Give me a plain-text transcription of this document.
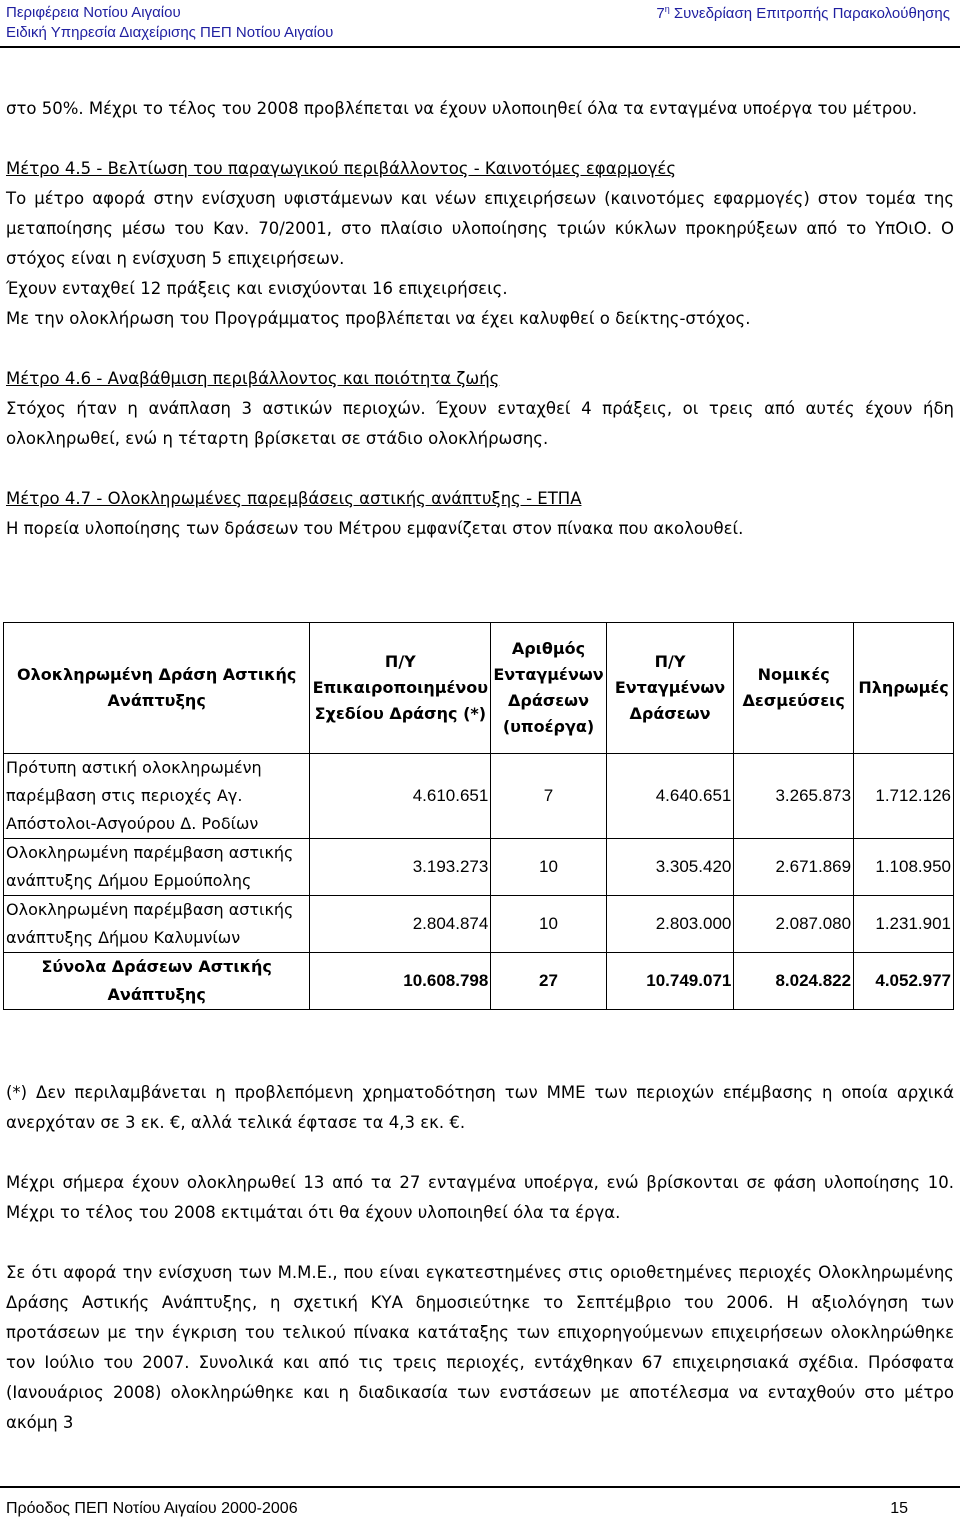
Περιφέρεια Νοτίου Αιγαίου
Ειδική Υπηρεσία Διαχείρισης ΠΕΠ Νοτίου Αιγαίου
$7^\eta$ Συνεδρίαση Επιτροπής Παρακολούθησης

στο 50%. Μέχρι το τέλος του 2008 προβλέπεται να έχουν υλοποιηθεί όλα τα ενταγμένα υποέργα του μέτρου.

Μέτρο 4.5 - Βελτίωση του παραγωγικού περιβάλλοντος - Καινοτόμες εφαρμογές

Το μέτρο αφορά στην ενίσχυση υφιστάμενων και νέων επιχειρήσεων (καινοτόμες εφαρμογές) στον τομέα της μεταποίησης μέσω του Καν. 70/2001, στο πλαίσιο υλοποίησης τριών κύκλων προκηρύξεων από το ΥπΟιΟ. Ο στόχος είναι η ενίσχυση 5 επιχειρήσεων.

Έχουν ενταχθεί 12 πράξεις και ενισχύονται 16 επιχειρήσεις.

Με την ολοκλήρωση του Προγράμματος προβλέπεται να έχει καλυφθεί ο δείκτης-στόχος.

Μέτρο 4.6 - Αναβάθμιση περιβάλλοντος και ποιότητα ζωής

Στόχος ήταν η ανάπλαση 3 αστικών περιοχών. Έχουν ενταχθεί 4 πράξεις, οι τρεις από αυτές έχουν ήδη ολοκληρωθεί, ενώ η τέταρτη βρίσκεται σε στάδιο ολοκλήρωσης.

Μέτρο 4.7 - Ολοκληρωμένες παρεμβάσεις αστικής ανάπτυξης - ΕΤΠΑ

Η πορεία υλοποίησης των δράσεων του Μέτρου εμφανίζεται στον πίνακα που ακολουθεί.

Ολοκληρωμένη Δράση Αστικής Ανάπτυξης	Π/Υ Επικαιροποιημένου Σχεδίου Δράσης (*)	Αριθμός Ενταγμένων Δράσεων (υποέργα)	Π/Υ Ενταγμένων Δράσεων	Νομικές Δεσμεύσεις	Πληρωμές
Πρότυπη αστική ολοκληρωμένη παρέμβαση στις περιοχές Αγ. Απόστολοι-Ασγούρου Δ. Ροδίων	4.610.651	7	4.640.651	3.265.873	1.712.126
Ολοκληρωμένη παρέμβαση αστικής ανάπτυξης Δήμου Ερμούπολης	3.193.273	10	3.305.420	2.671.869	1.108.950
Ολοκληρωμένη παρέμβαση αστικής ανάπτυξης Δήμου Καλυμνίων	2.804.874	10	2.803.000	2.087.080	1.231.901
Σύνολα Δράσεων Αστικής Ανάπτυξης	10.608.798	27	10.749.071	8.024.822	4.052.977

(*) Δεν περιλαμβάνεται η προβλεπόμενη χρηματοδότηση των ΜΜΕ των περιοχών επέμβασης η οποία αρχικά ανερχόταν σε 3 εκ. €, αλλά τελικά έφτασε τα 4,3 εκ. €.

Μέχρι σήμερα έχουν ολοκληρωθεί 13 από τα 27 ενταγμένα υποέργα, ενώ βρίσκονται σε φάση υλοποίησης 10. Μέχρι το τέλος του 2008 εκτιμάται ότι θα έχουν υλοποιηθεί όλα τα έργα.

Σε ότι αφορά την ενίσχυση των Μ.Μ.Ε., που είναι εγκατεστημένες στις οριοθετημένες περιοχές Ολοκληρωμένης Δράσης Αστικής Ανάπτυξης, η σχετική ΚΥΑ δημοσιεύτηκε το Σεπτέμβριο του 2006. Η αξιολόγηση των προτάσεων με την έγκριση του τελικού πίνακα κατάταξης των επιχορηγούμενων επιχειρήσεων ολοκληρώθηκε τον Ιούλιο του 2007. Συνολικά και από τις τρεις περιοχές, εντάχθηκαν 67 επιχειρησιακά σχέδια. Πρόσφατα (Ιανουάριος 2008) ολοκληρώθηκε και η διαδικασία των ενστάσεων με αποτέλεσμα να ενταχθούν στο μέτρο ακόμη 3

Πρόοδος ΠΕΠ Νοτίου Αιγαίου 2000-2006	15
